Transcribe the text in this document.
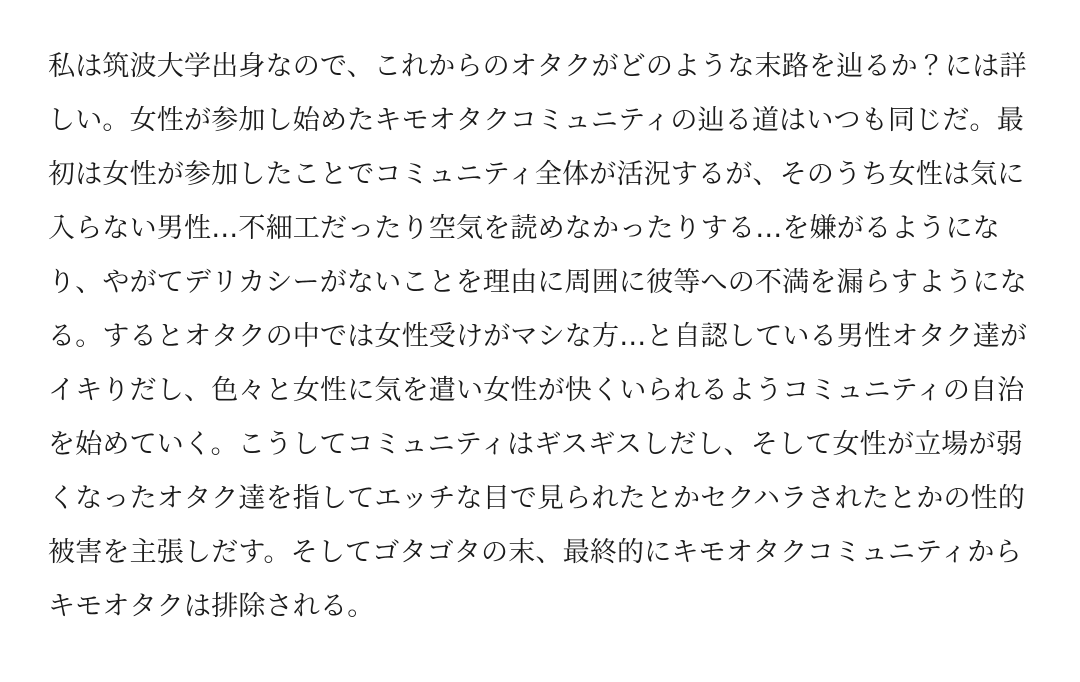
私は筑波大学出身なので、これからのオタクがどのような末路を辿るか？には詳しい。女性が参加し始めたキモオタクコミュニティの辿る道はいつも同じだ。最初は女性が参加したことでコミュニティ全体が活況するが、そのうち女性は気に入らない男性…不細工だったり空気を読めなかったりする…を嫌がるようになり、やがてデリカシーがないことを理由に周囲に彼等への不満を漏らすようになる。するとオタクの中では女性受けがマシな方…と自認している男性オタク達がイキりだし、色々と女性に気を遣い女性が快くいられるようコミュニティの自治を始めていく。こうしてコミュニティはギスギスしだし、そして女性が立場が弱くなったオタク達を指してエッチな目で見られたとかセクハラされたとかの性的被害を主張しだす。そしてゴタゴタの末、最終的にキモオタクコミュニティからキモオタクは排除される。
